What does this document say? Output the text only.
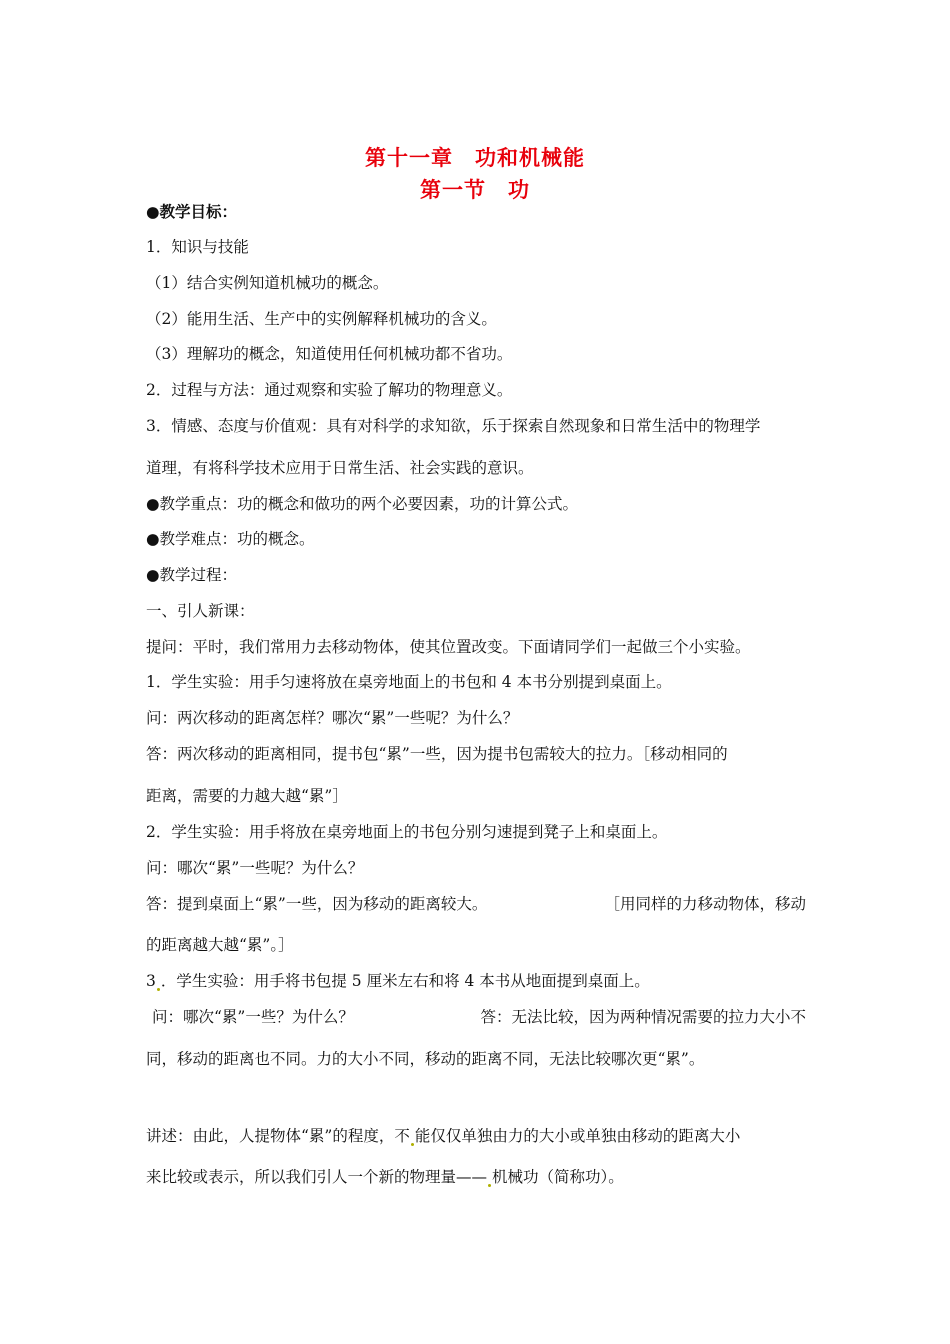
第十一章　功和机械能
第一节　功
●教学目标：
1．知识与技能
（1）结合实例知道机械功的概念。
（2）能用生活、生产中的实例解释机械功的含义。
（3）理解功的概念，知道使用任何机械功都不省功。
2．过程与方法：通过观察和实验了解功的物理意义。
3．情感、态度与价值观：具有对科学的求知欲，乐于探索自然现象和日常生活中的物理学
道理，有将科学技术应用于日常生活、社会实践的意识。
●教学重点：功的概念和做功的两个必要因素，功的计算公式。
●教学难点：功的概念。
●教学过程：
一、引人新课：
提问：平时，我们常用力去移动物体，使其位置改变。下面请同学们一起做三个小实验。
1．学生实验：用手匀速将放在桌旁地面上的书包和 4 本书分别提到桌面上。
问：两次移动的距离怎样？哪次“累”一些呢？为什么？
答：两次移动的距离相同，提书包“累”一些，因为提书包需较大的拉力。［移动相同的
距离，需要的力越大越“累”］
2．学生实验：用手将放在桌旁地面上的书包分别匀速提到凳子上和桌面上。
问：哪次“累”一些呢？为什么？
答：提到桌面上“累”一些，因为移动的距离较大。	［用同样的力移动物体，移动
的距离越大越“累”。］
3 ．学生实验：用手将书包提 5 厘米左右和将 4 本书从地面提到桌面上。
问：哪次“累”一些？为什么？	答：无法比较，因为两种情况需要的拉力大小不
同，移动的距离也不同。力的大小不同，移动的距离不同，无法比较哪次更“累”。
讲述：由此，人提物体“累”的程度，不 能仅仅单独由力的大小或单独由移动的距离大小
来比较或表示，所以我们引人一个新的物理量—— 机械功（简称功）。
